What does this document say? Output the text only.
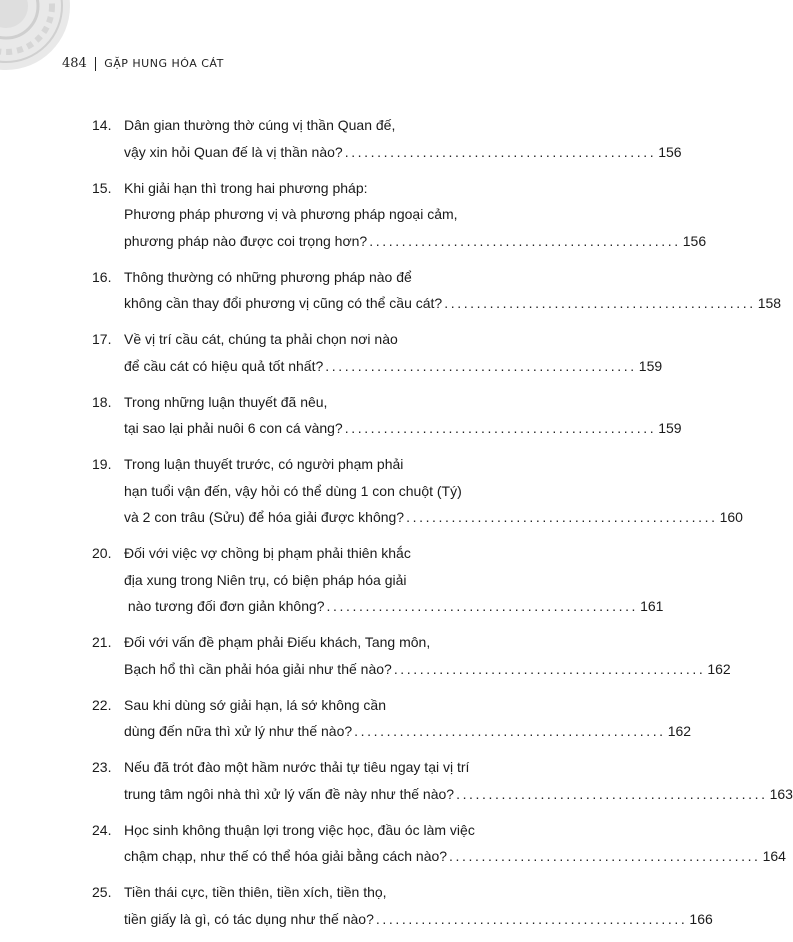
484 GẶP HUNG HÓA CÁT
14. Dân gian thường thờ cúng vị thần Quan đế,
vậy xin hỏi Quan đế là vị thần nào? ................................................ 156
15. Khi giải hạn thì trong hai phương pháp:
Phương pháp phương vị và phương pháp ngoại cảm,
phương pháp nào được coi trọng hơn? ................................................ 156
16. Thông thường có những phương pháp nào để
không cần thay đổi phương vị cũng có thể cầu cát? ................................................ 158
17. Về vị trí cầu cát, chúng ta phải chọn nơi nào
để cầu cát có hiệu quả tốt nhất? ................................................ 159
18. Trong những luận thuyết đã nêu,
tại sao lại phải nuôi 6 con cá vàng? ................................................ 159
19. Trong luận thuyết trước, có người phạm phải
hạn tuổi vận đến, vậy hỏi có thể dùng 1 con chuột (Tý)
và 2 con trâu (Sửu) để hóa giải được không? ................................................ 160
20. Đối với việc vợ chồng bị phạm phải thiên khắc
địa xung trong Niên trụ, có biện pháp hóa giải
nào tương đối đơn giản không? ................................................ 161
21. Đối với vấn đề phạm phải Điếu khách, Tang môn,
Bạch hổ thì cần phải hóa giải như thế nào? ................................................ 162
22. Sau khi dùng sớ giải hạn, lá sớ không cần
dùng đến nữa thì xử lý như thế nào? ................................................ 162
23. Nếu đã trót đào một hầm nước thải tự tiêu ngay tại vị trí
trung tâm ngôi nhà thì xử lý vấn đề này như thế nào? ................................................ 163
24. Học sinh không thuận lợi trong việc học, đầu óc làm việc
chậm chạp, như thế có thể hóa giải bằng cách nào? ................................................ 164
25. Tiền thái cực, tiền thiên, tiền xích, tiền thọ,
tiền giấy là gì, có tác dụng như thế nào? ................................................ 166
